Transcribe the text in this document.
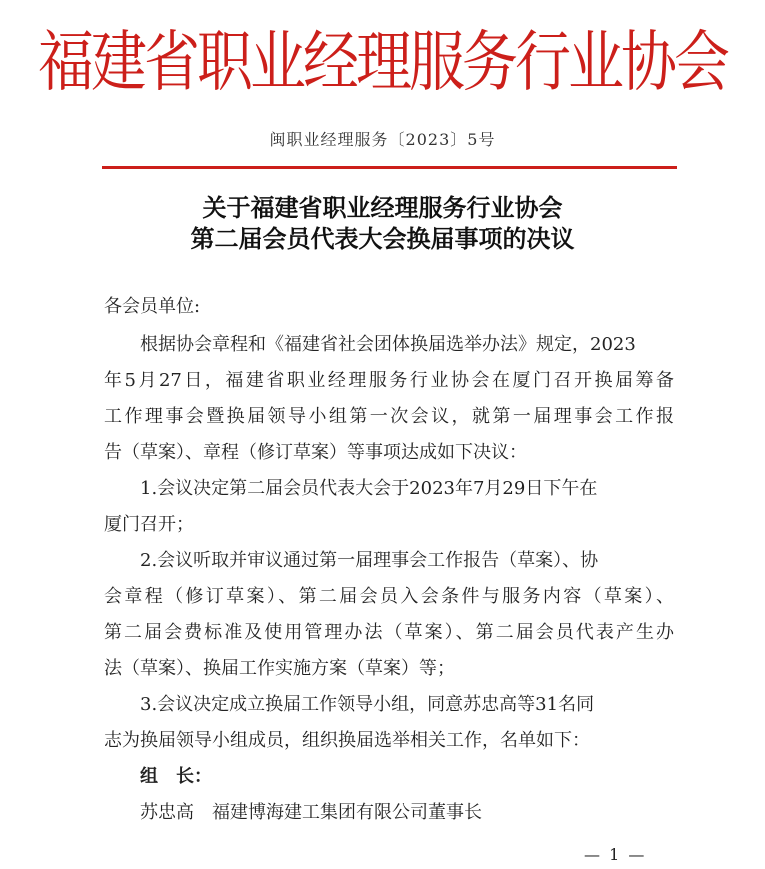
福建省职业经理服务行业协会
闽职业经理服务〔2023〕5号
关于福建省职业经理服务行业协会
第二届会员代表大会换届事项的决议
各会员单位:
根据协会章程和《福建省社会团体换届选举办法》规定，2023
年5月27日，福建省职业经理服务行业协会在厦门召开换届筹备
工作理事会暨换届领导小组第一次会议，就第一届理事会工作报
告（草案）、章程（修订草案）等事项达成如下决议：
1.会议决定第二届会员代表大会于2023年7月29日下午在
厦门召开；
2.会议听取并审议通过第一届理事会工作报告（草案）、协
会章程（修订草案）、第二届会员入会条件与服务内容（草案）、
第二届会费标准及使用管理办法（草案）、第二届会员代表产生办
法（草案）、换届工作实施方案（草案）等；
3.会议决定成立换届工作领导小组，同意苏忠高等31名同
志为换届领导小组成员，组织换届选举相关工作，名单如下：
组　长：
苏忠高　福建博海建工集团有限公司董事长
— 1 —
